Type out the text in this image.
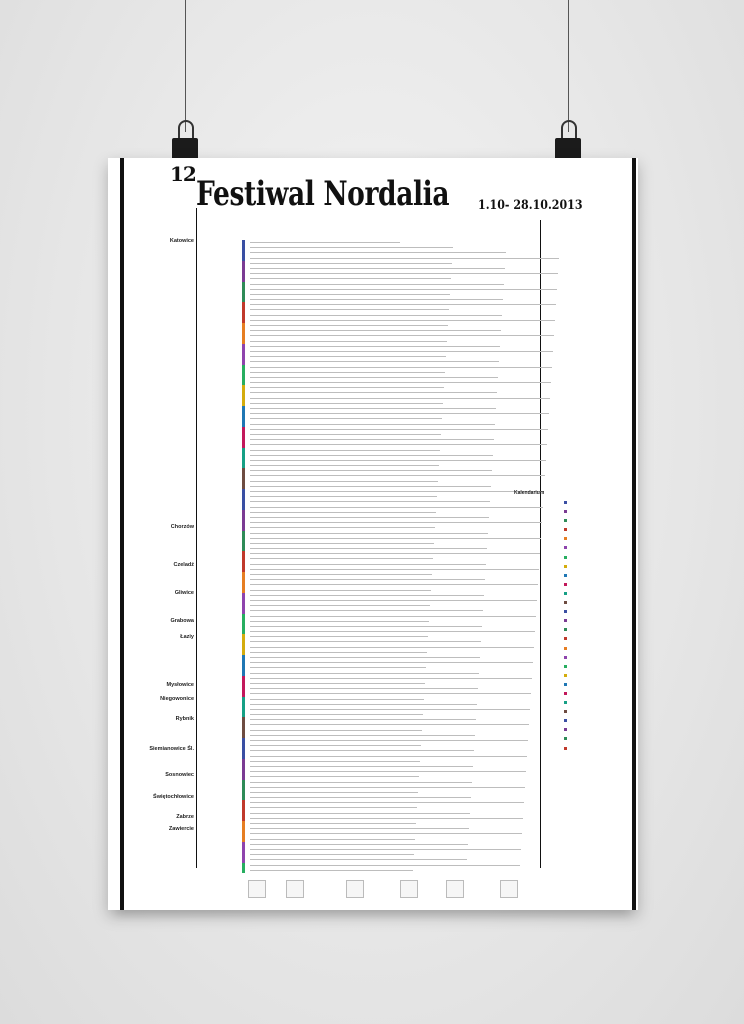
12 Festiwal Nordalia 1.10- 28.10.2013
Katowice
Chorzów
Czeladź
Gliwice
Grabowa
Łaziy
Mysłowice
Niegowonice
Rybnik
Siemianowice Śl.
Sosnowiec
Świętochłowice
Zabrze
Zawiercie
Kalendarium
